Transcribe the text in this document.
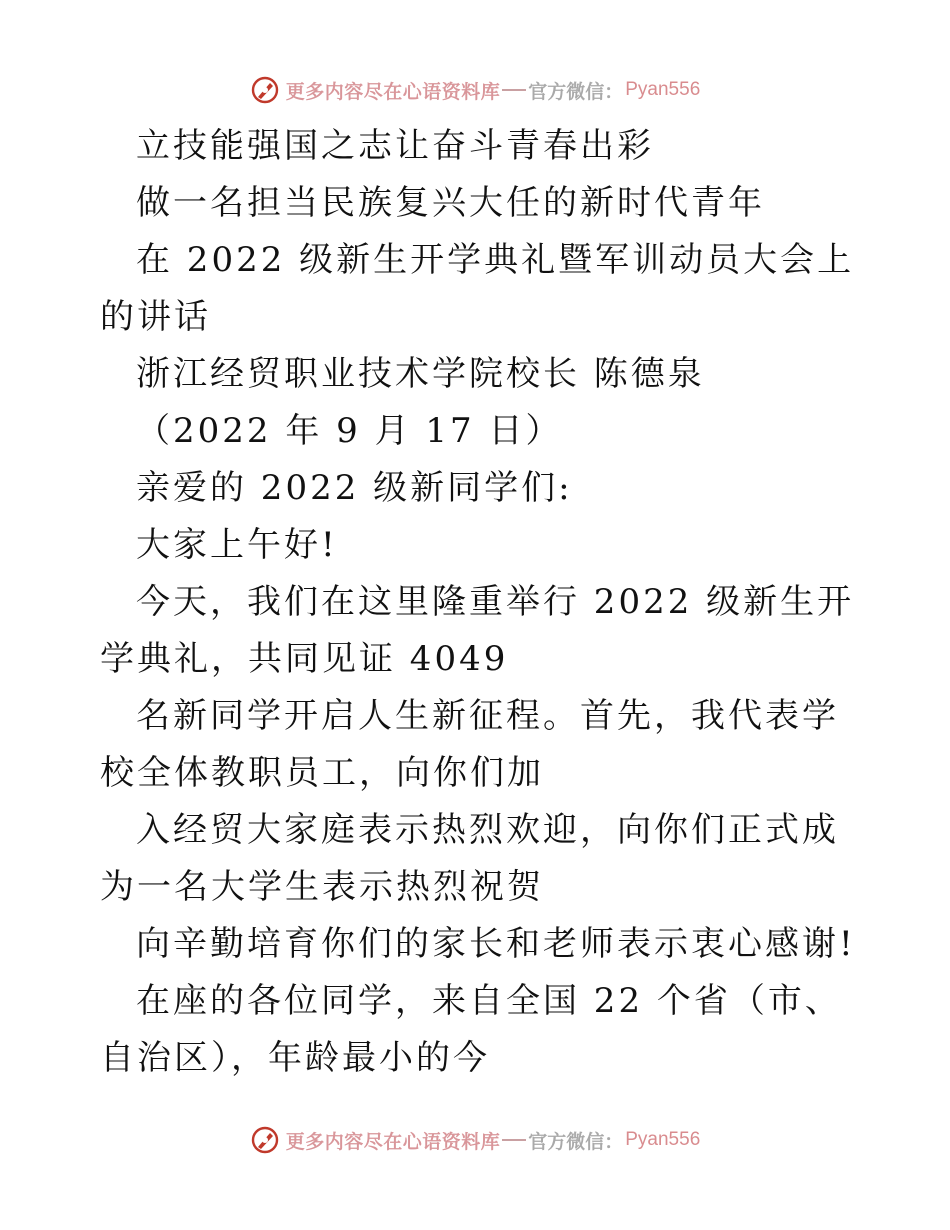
更多内容尽在心语资料库 官方微信： Pyan556

立技能强国之志让奋斗青春出彩

做一名担当民族复兴大任的新时代青年

在 2022 级新生开学典礼暨军训动员大会上的讲话

浙江经贸职业技术学院校长 陈德泉

（2022 年 9 月 17 日）

亲爱的 2022 级新同学们:

大家上午好!

今天，我们在这里隆重举行 2022 级新生开学典礼，共同见证 4049

名新同学开启人生新征程。首先，我代表学校全体教职员工，向你们加

入经贸大家庭表示热烈欢迎，向你们正式成为一名大学生表示热烈祝贺

向辛勤培育你们的家长和老师表示衷心感谢!

在座的各位同学，来自全国 22 个省（市、自治区），年龄最小的今

更多内容尽在心语资料库 官方微信： Pyan556
